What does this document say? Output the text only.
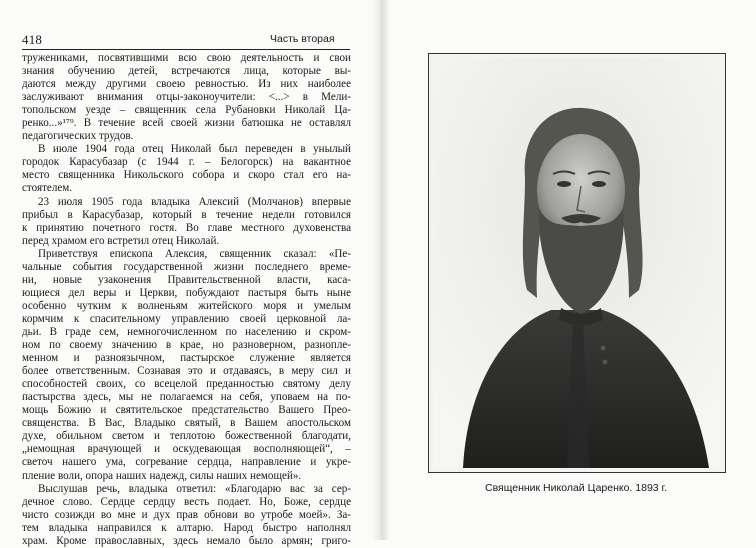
418	Часть вторая
тружениками, посвятившими всю свою деятельность и свои
знания обучению детей, встречаются лица, которые вы-
даются между другими своею ревностью. Из них наиболее
заслуживают внимания отцы-законоучители: <...> в Мели-
топольском уезде – священник села Рубановки Николай Ца-
ренко...»¹⁷⁹. В течение всей своей жизни батюшка не оставлял
педагогических трудов.
В июле 1904 года отец Николай был переведен в унылый
городок Карасубазар (с 1944 г. – Белогорск) на вакантное
место священника Никольского собора и скоро стал его на-
стоятелем.
23 июля 1905 года владыка Алексий (Молчанов) впервые
прибыл в Карасубазар, который в течение недели готовился
к принятию почетного гостя. Во главе местного духовенства
перед храмом его встретил отец Николай.
Приветствуя епископа Алексия, священник сказал: «Пе-
чальные события государственной жизни последнего време-
ни, новые узаконения Правительственной власти, каса-
ющиеся дел веры и Церкви, побуждают пастыря быть ныне
особенно чутким к волненьям житейского моря и умелым
кормчим к спасительному управлению своей церковной ла-
дьи. В граде сем, немногочисленном по населению и скром-
ном по своему значению в крае, но разноверном, разнопле-
менном и разноязычном, пастырское служение является
более ответственным. Сознавая это и отдаваясь, в меру сил и
способностей своих, со всецелой преданностью святому делу
пастырства здесь, мы не полагаемся на себя, уповаем на по-
мощь Божию и святительское предстательство Вашего Прео-
священства. В Вас, Владыко святый, в Вашем апостольском
духе, обильном светом и теплотою божественной благодати,
„немощная врачующей и оскудевающая восполняющей“, –
светоч нашего ума, согревание сердца, направление и укре-
пление воли, опора наших надежд, силы наших немощей».
Выслушав речь, владыка ответил: «Благодарю вас за сер-
дечное слово. Сердце сердцу весть подает. Но, Боже, сердце
чисто созижди во мне и дух прав обнови во утробе моей». За-
тем владыка направился к алтарю. Народ быстро наполнял
храм. Кроме православных, здесь немало было армян; григо-
Священник Николай Царенко. 1893 г.
